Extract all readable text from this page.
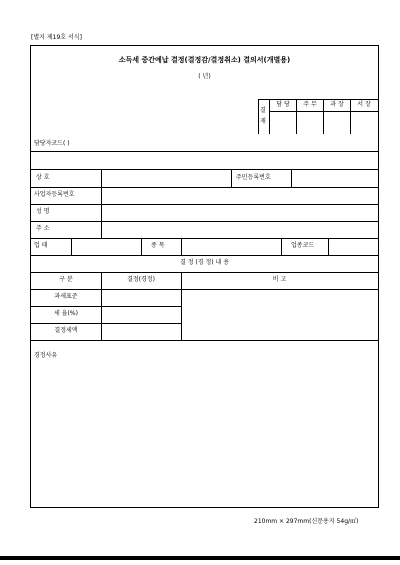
[별지 제19호 서식]
소득세 중간예납 결정(결정감/결정취소) 결의서(개별용)
( 년)
결
재
담 당	주 무	과 장	서 장
담당자코드( )
상 호	주민등록번호
사업자등록번호
성 명
주 소
업 태	종 목	업종코드
결 정 (경 정) 내 용
구 분	결정(경정)	비 고
과세표준
세 율(%)
결정세액
경정사유
210mm × 297mm(신문용지 54g/㎡)
